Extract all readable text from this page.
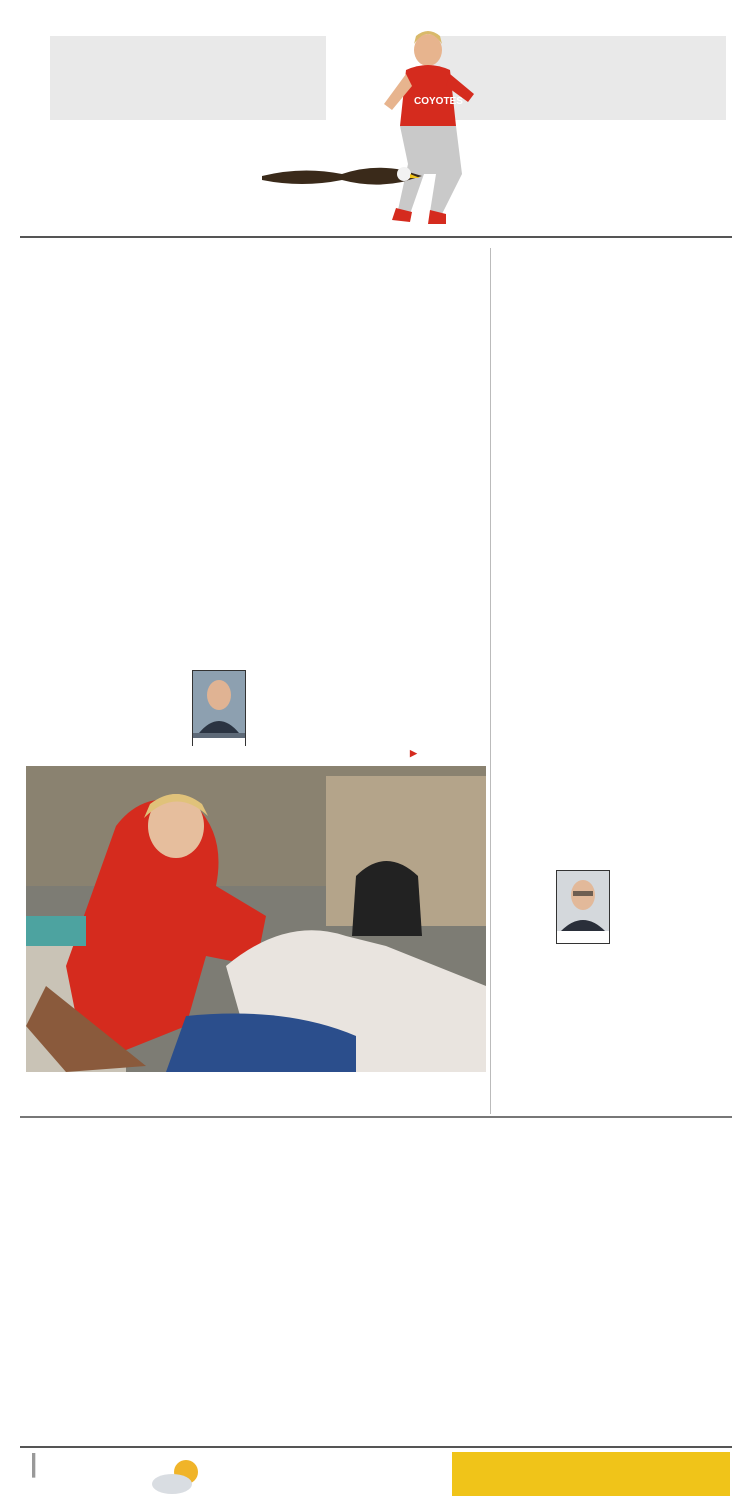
COYOTES

▶

|
